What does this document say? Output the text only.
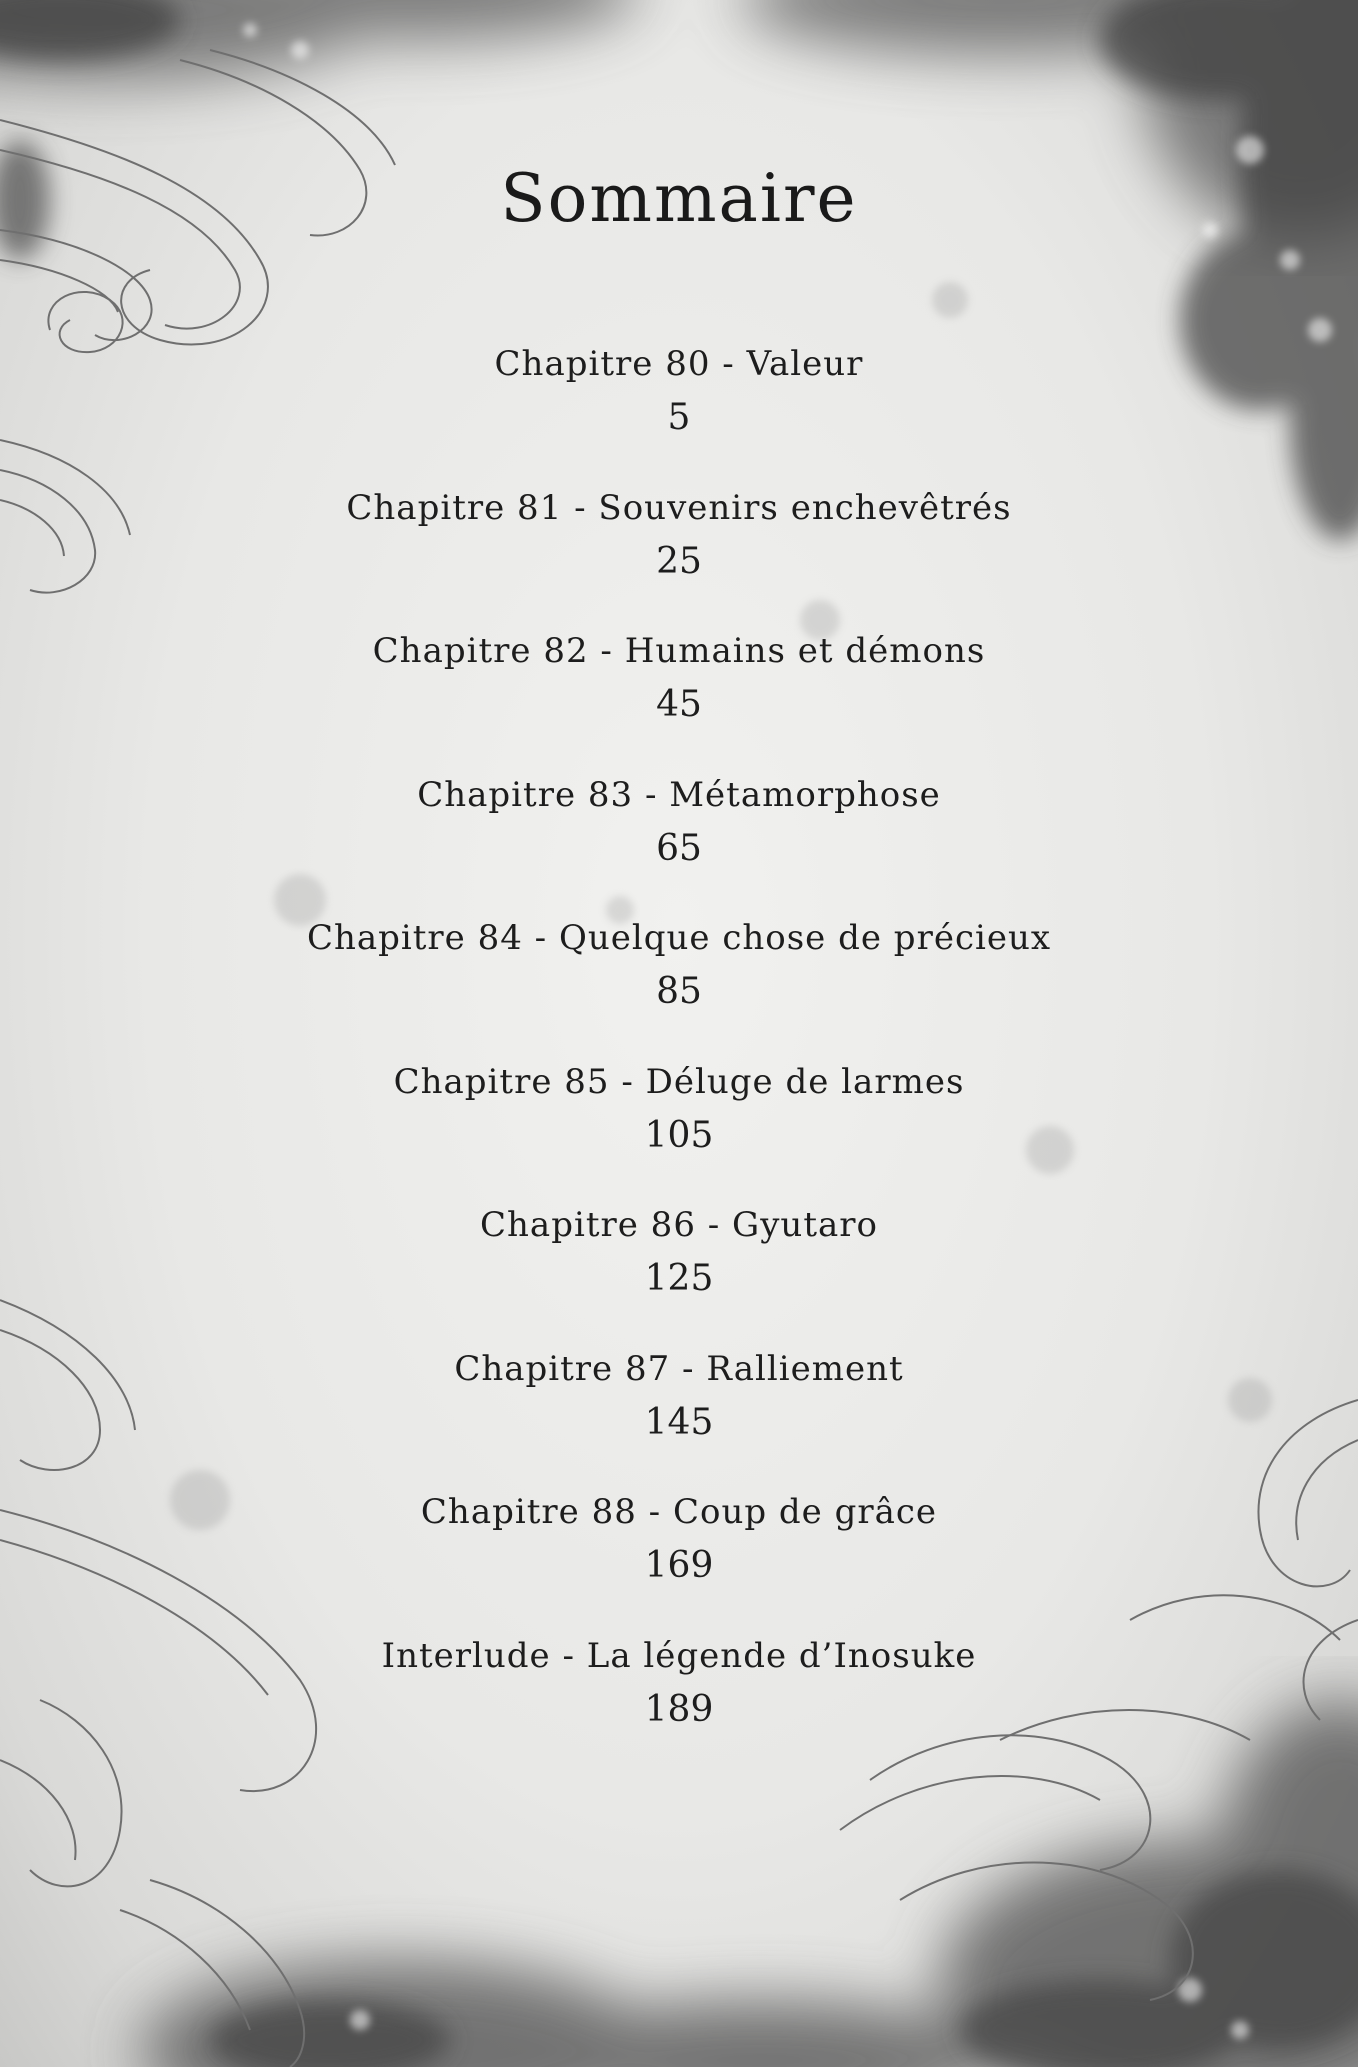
Sommaire
Chapitre 80 - Valeur
5
Chapitre 81 - Souvenirs enchevêtrés
25
Chapitre 82 - Humains et démons
45
Chapitre 83 - Métamorphose
65
Chapitre 84 - Quelque chose de précieux
85
Chapitre 85 - Déluge de larmes
105
Chapitre 86 - Gyutaro
125
Chapitre 87 - Ralliement
145
Chapitre 88 - Coup de grâce
169
Interlude - La légende d’Inosuke
189
